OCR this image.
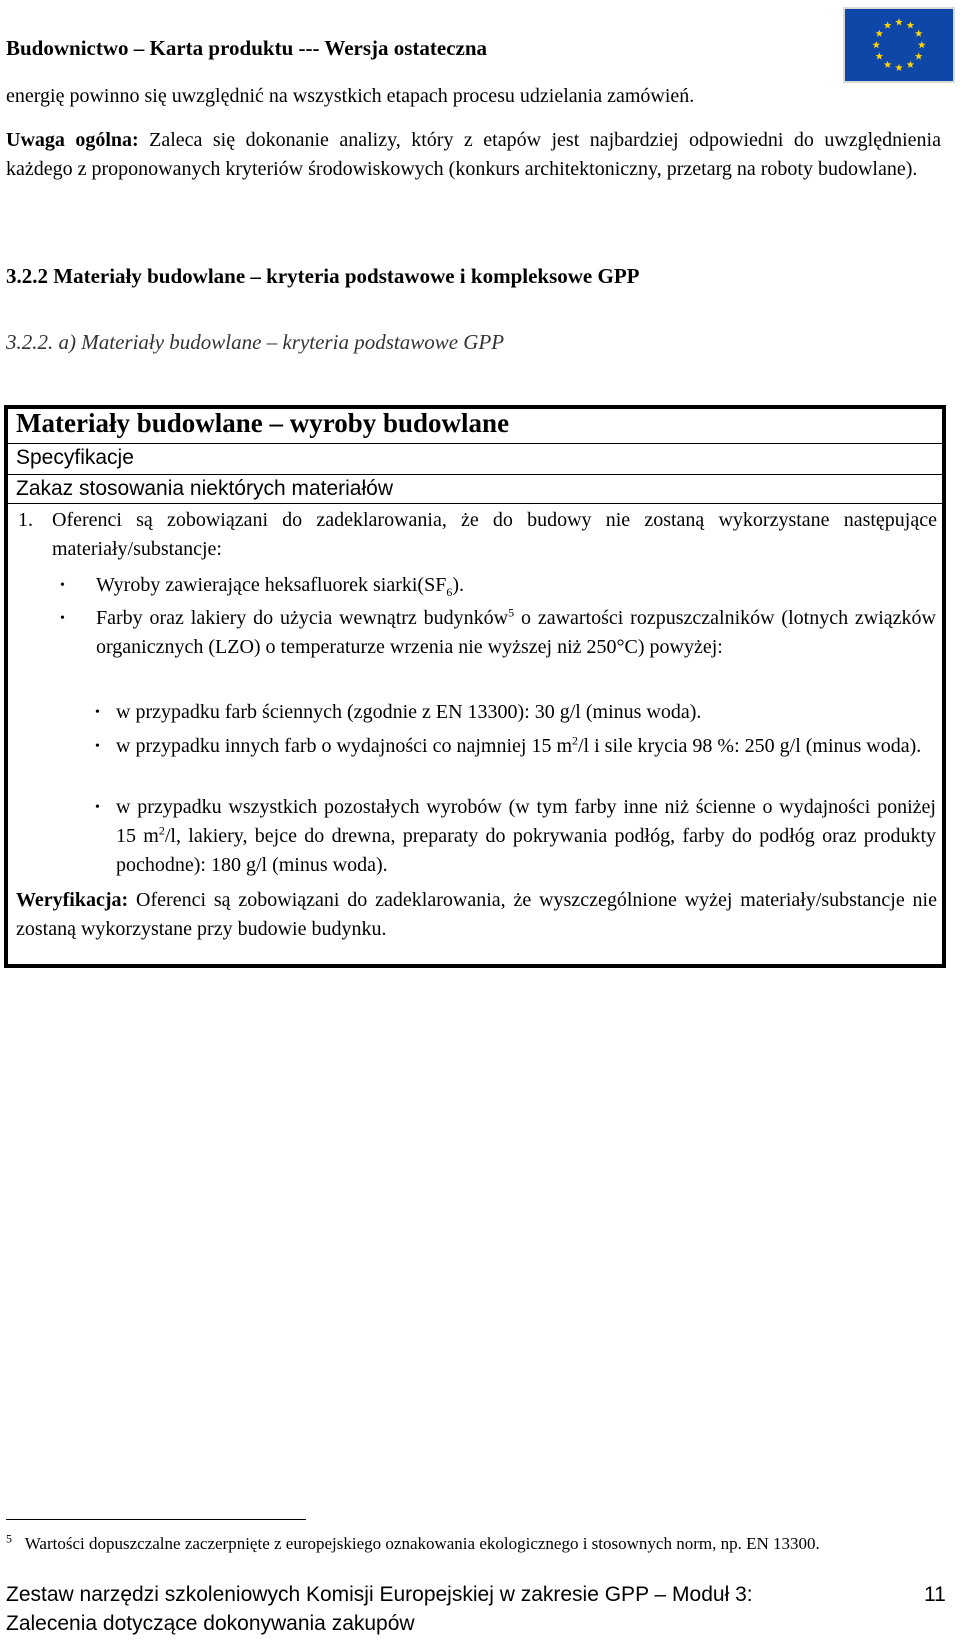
Budownictwo – Karta produktu --- Wersja ostateczna
energię powinno się uwzględnić na wszystkich etapach procesu udzielania zamówień.
Uwaga ogólna: Zaleca się dokonanie analizy, który z etapów jest najbardziej odpowiedni do uwzględnienia każdego z proponowanych kryteriów środowiskowych (konkurs architektoniczny, przetarg na roboty budowlane).
3.2.2 Materiały budowlane – kryteria podstawowe i kompleksowe GPP
3.2.2. a) Materiały budowlane – kryteria podstawowe GPP
Materiały budowlane – wyroby budowlane
Specyfikacje
Zakaz stosowania niektórych materiałów
1. Oferenci są zobowiązani do zadeklarowania, że do budowy nie zostaną wykorzystane następujące materiały/substancje:
• Wyroby zawierające heksafluorek $siarki(SF_6)$.
• Farby oraz lakiery do użycia wewnątrz budynków$^5$ o zawartości rozpuszczalników (lotnych związków organicznych (LZO) o temperaturze wrzenia nie wyższej niż 250°C) powyżej:
• w przypadku farb ściennych (zgodnie z EN 13300): 30 g/l (minus woda).
• w przypadku innych farb o wydajności co najmniej 15 $m^2/l$ i sile krycia 98 %: 250 g/l (minus woda).
• w przypadku wszystkich pozostałych wyrobów (w tym farby inne niż ścienne o wydajności poniżej 15 $m^2/l$, lakiery, bejce do drewna, preparaty do pokrywania podłóg, farby do podłóg oraz produkty pochodne): 180 g/l (minus woda).
Weryfikacja: Oferenci są zobowiązani do zadeklarowania, że wyszczególnione wyżej materiały/substancje nie zostaną wykorzystane przy budowie budynku.
$^5$ Wartości dopuszczalne zaczerpnięte z europejskiego oznakowania ekologicznego i stosownych norm, np. EN 13300.
Zestaw narzędzi szkoleniowych Komisji Europejskiej w zakresie GPP – Moduł 3:
Zalecenia dotyczące dokonywania zakupów
11
